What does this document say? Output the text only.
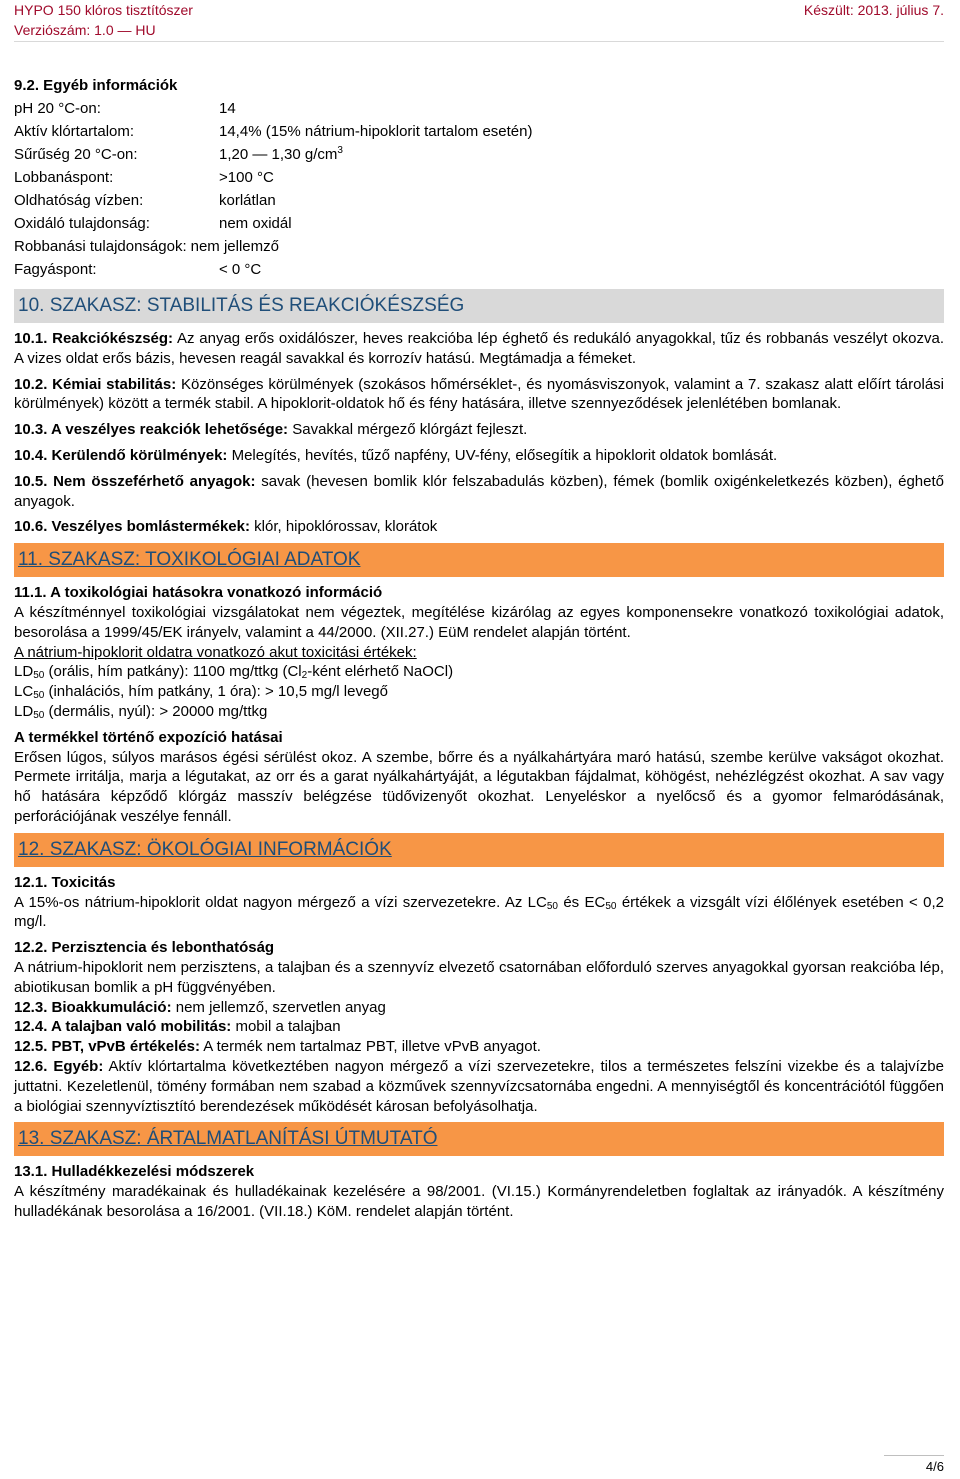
HYPO 150 klóros tisztítószer
Verziószám: 1.0 — HU
Készült: 2013. július 7.
9.2. Egyéb információk
pH 20 °C-on:	14
Aktív klórtartalom:	14,4% (15% nátrium-hipoklorit tartalom esetén)
Sűrűség 20 °C-on:	1,20 — 1,30 $g/cm^3$
Lobbanáspont:	>100 °C
Oldhatóság vízben:	korlátlan
Oxidáló tulajdonság:	nem oxidál
Robbanási tulajdonságok: nem jellemző
Fagyáspont:	< 0 °C
10. SZAKASZ: STABILITÁS ÉS REAKCIÓKÉSZSÉG

10.1. Reakciókészség: Az anyag erős oxidálószer, heves reakcióba lép éghető és redukáló anyagokkal, tűz és robbanás veszélyt okozva. A vizes oldat erős bázis, hevesen reagál savakkal és korrozív hatású. Megtámadja a fémeket.

10.2. Kémiai stabilitás: Közönséges körülmények (szokásos hőmérséklet-, és nyomásviszonyok, valamint a 7. szakasz alatt előírt tárolási körülmények) között a termék stabil. A hipoklorit-oldatok hő és fény hatására, illetve szennyeződések jelenlétében bomlanak.

10.3. A veszélyes reakciók lehetősége: Savakkal mérgező klórgázt fejleszt.

10.4. Kerülendő körülmények: Melegítés, hevítés, tűző napfény, UV-fény, elősegítik a hipoklorit oldatok bomlását.

10.5. Nem összeférhető anyagok: savak (hevesen bomlik klór felszabadulás közben), fémek (bomlik oxigénkeletkezés közben), éghető anyagok.

10.6. Veszélyes bomlástermékek: klór, hipoklórossav, klorátok

11. SZAKASZ: TOXIKOLÓGIAI ADATOK
11.1. A toxikológiai hatásokra vonatkozó információ

A készítménnyel toxikológiai vizsgálatokat nem végeztek, megítélése kizárólag az egyes komponensekre vonatkozó toxikológiai adatok, besorolása a 1999/45/EK irányelv, valamint a 44/2000. (XII.27.) EüM rendelet alapján történt.

A nátrium-hipoklorit oldatra vonatkozó akut toxicitási értékek:
$LD_{50}$ (orális, hím patkány): 1100 mg/ttkg ($Cl_2$-ként elérhető NaOCl)
$LC_{50}$ (inhalációs, hím patkány, 1 óra): > 10,5 mg/l levegő
$LD_{50}$ (dermális, nyúl): > 20000 mg/ttkg
A termékkel történő expozíció hatásai

Erősen lúgos, súlyos marásos égési sérülést okoz. A szembe, bőrre és a nyálkahártyára maró hatású, szembe kerülve vakságot okozhat. Permete irritálja, marja a légutakat, az orr és a garat nyálkahártyáját, a légutakban fájdalmat, köhögést, nehézlégzést okozhat. A sav vagy hő hatására képződő klórgáz masszív belégzése tüdővizenyőt okozhat. Lenyeléskor a nyelőcső és a gyomor felmaródásának, perforációjának veszélye fennáll.

12. SZAKASZ: ÖKOLÓGIAI INFORMÁCIÓK
12.1. Toxicitás

A 15%-os nátrium-hipoklorit oldat nagyon mérgező a vízi szervezetekre. Az $LC_{50}$ és $EC_{50}$ értékek a vizsgált vízi élőlények esetében < 0,2 mg/l.

12.2. Perzisztencia és lebonthatóság

A nátrium-hipoklorit nem perzisztens, a talajban és a szennyvíz elvezető csatornában előforduló szerves anyagokkal gyorsan reakcióba lép, abiotikusan bomlik a pH függvényében.

12.3. Bioakkumuláció: nem jellemző, szervetlen anyag
12.4. A talajban való mobilitás: mobil a talajban
12.5. PBT, vPvB értékelés: A termék nem tartalmaz PBT, illetve vPvB anyagot.

12.6. Egyéb: Aktív klórtartalma következtében nagyon mérgező a vízi szervezetekre, tilos a természetes felszíni vizekbe és a talajvízbe juttatni. Kezeletlenül, tömény formában nem szabad a közművek szennyvízcsatornába engedni. A mennyiségtől és koncentrációtól függően a biológiai szennyvíztisztító berendezések működését károsan befolyásolhatja.

13. SZAKASZ: ÁRTALMATLANÍTÁSI ÚTMUTATÓ
13.1. Hulladékkezelési módszerek

A készítmény maradékainak és hulladékainak kezelésére a 98/2001. (VI.15.) Kormányrendeletben foglaltak az irányadók. A készítmény hulladékának besorolása a 16/2001. (VII.18.) KöM. rendelet alapján történt.

4/6
